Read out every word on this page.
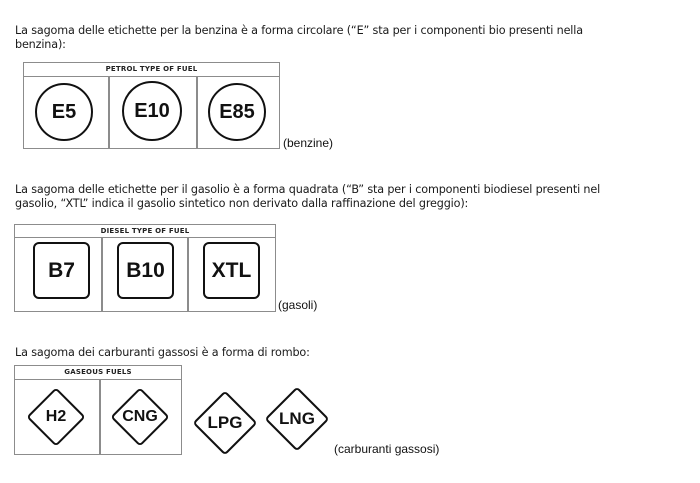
La sagoma delle etichette per la benzina è a forma circolare (“E” sta per i componenti bio presenti nella
benzina):
PETROL TYPE OF FUEL
E5	E10	E85
(benzine)
La sagoma delle etichette per il gasolio è a forma quadrata (“B” sta per i componenti biodiesel presenti nel
gasolio, “XTL” indica il gasolio sintetico non derivato dalla raffinazione del greggio):
DIESEL TYPE OF FUEL
B7	B10	XTL
(gasoli)
La sagoma dei carburanti gassosi è a forma di rombo:
GASEOUS FUELS
H2	CNG	LPG	LNG
(carburanti gassosi)
